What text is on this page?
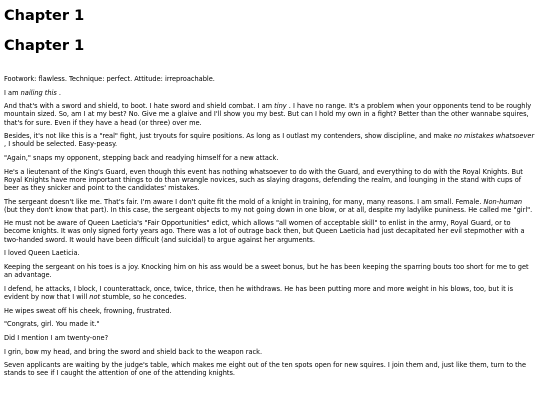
Chapter 1
Chapter 1

Footwork: flawless. Technique: perfect. Attitude: irreproachable.

I am nailing this .

And that's with a sword and shield, to boot. I hate sword and shield combat. I am tiny . I have no range. It's a problem when your opponents tend to be roughly mountain sized. So, am I at my best? No. Give me a glaive and I'll show you my best. But can I hold my own in a fight? Better than the other wannabe squires, that's for sure. Even if they have a head (or three) over me.

Besides, it's not like this is a "real" fight, just tryouts for squire positions. As long as I outlast my contenders, show discipline, and make no mistakes whatsoever , I should be selected. Easy-peasy.

"Again," snaps my opponent, stepping back and readying himself for a new attack.

He's a lieutenant of the King's Guard, even though this event has nothing whatsoever to do with the Guard, and everything to do with the Royal Knights. But Royal Knights have more important things to do than wrangle novices, such as slaying dragons, defending the realm, and lounging in the stand with cups of beer as they snicker and point to the candidates' mistakes.

The sergeant doesn't like me. That's fair. I'm aware I don't quite fit the mold of a knight in training, for many, many reasons. I am small. Female. Non-human (but they don't know that part). In this case, the sergeant objects to my not going down in one blow, or at all, despite my ladylike puniness. He called me "girl".

He must not be aware of Queen Laeticia's "Fair Opportunities" edict, which allows "all women of acceptable skill" to enlist in the army, Royal Guard, or to become knights. It was only signed forty years ago. There was a lot of outrage back then, but Queen Laeticia had just decapitated her evil stepmother with a two-handed sword. It would have been difficult (and suicidal) to argue against her arguments.

I loved Queen Laeticia.

Keeping the sergeant on his toes is a joy. Knocking him on his ass would be a sweet bonus, but he has been keeping the sparring bouts too short for me to get an advantage.

I defend, he attacks, I block, I counterattack, once, twice, thrice, then he withdraws. He has been putting more and more weight in his blows, too, but it is evident by now that I will not stumble, so he concedes.

He wipes sweat off his cheek, frowning, frustrated.

"Congrats, girl. You made it."

Did I mention I am twenty-one?

I grin, bow my head, and bring the sword and shield back to the weapon rack.

Seven applicants are waiting by the judge's table, which makes me eight out of the ten spots open for new squires. I join them and, just like them, turn to the stands to see if I caught the attention of one of the attending knights.
